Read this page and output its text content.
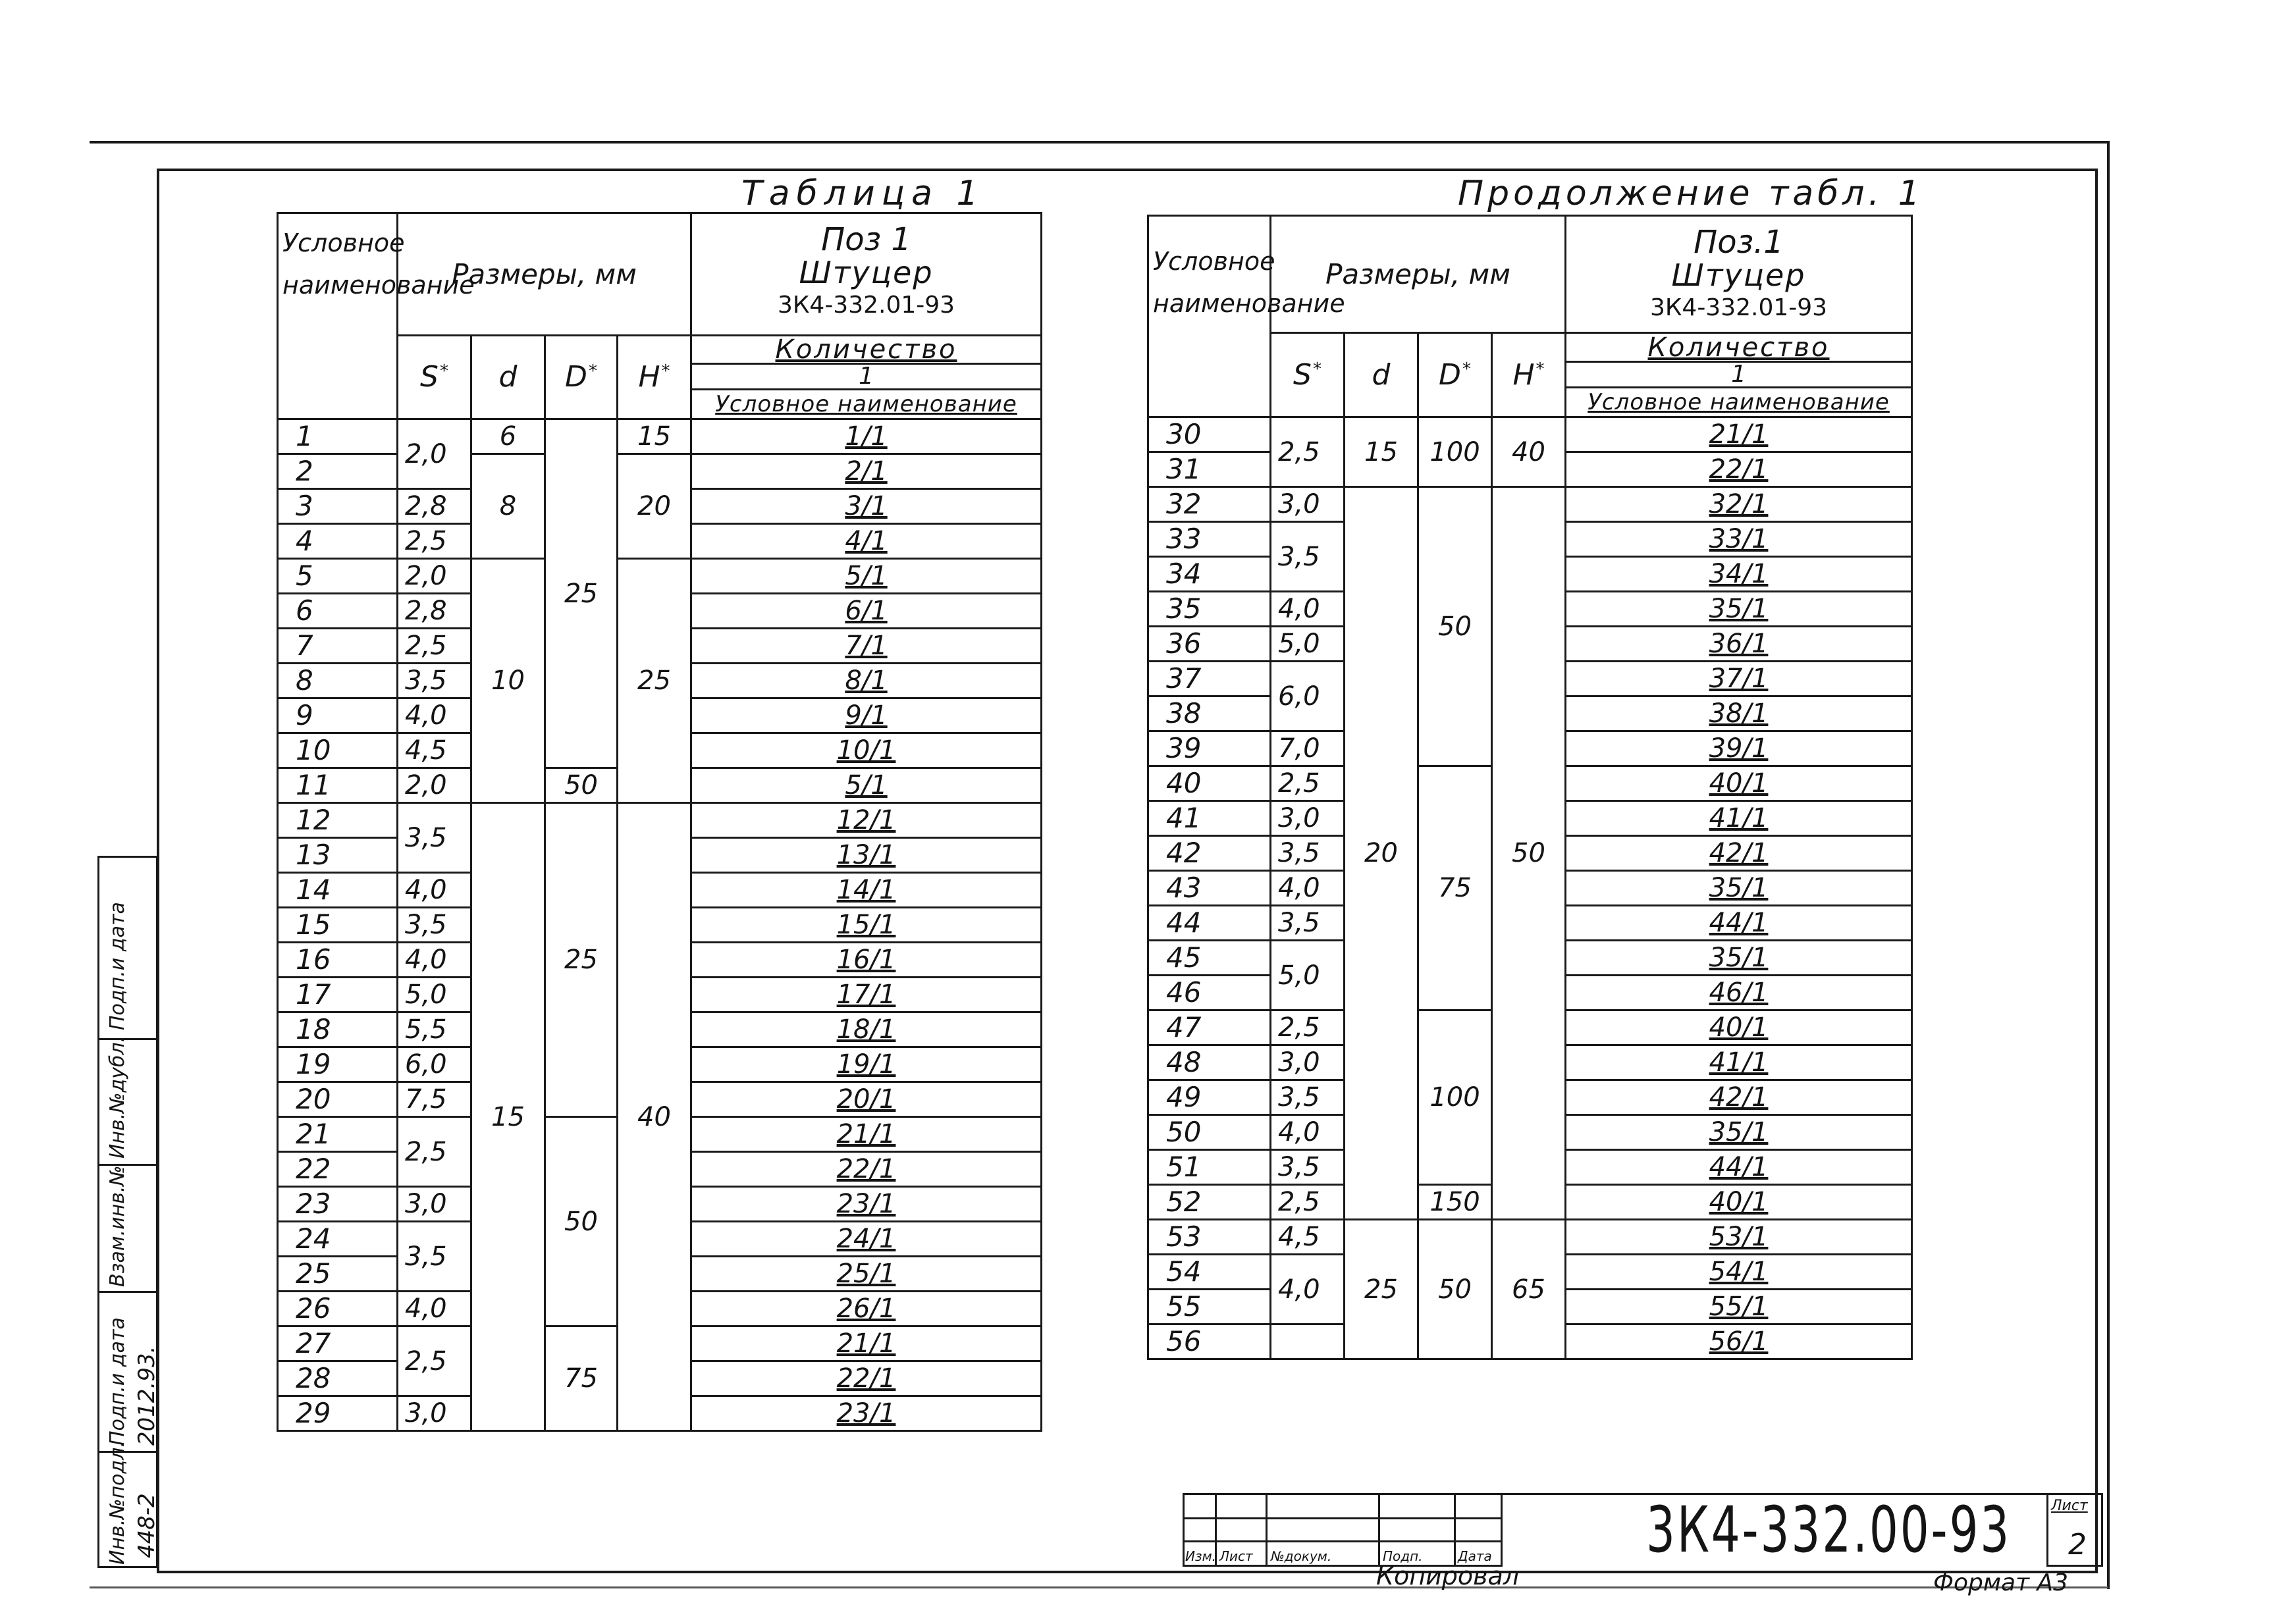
Таблица 1	Продолжение табл. 1
Условное наименование	Размеры, мм				Поз 1
Штуцер
3К4-332.01-93

	S*	d	D*	H*	Количество

					1
Условное наименование

1	2,0	6	25	15	1/1
2		8		20	2/1
3	2,8				3/1
4	2,5				4/1
5	2,0	10		25	5/1
6	2,8				6/1
7	2,5				7/1
8	3,5				8/1
9	4,0				9/1
10	4,5				10/1
11	2,0		50		5/1
12	3,5	15	25	40	12/1
13					13/1
14	4,0				14/1
15	3,5				15/1
16	4,0				16/1
17	5,0				17/1
18	5,5				18/1
19	6,0				19/1
20	7,5				20/1
21	2,5		50		21/1
22					22/1
23	3,0				23/1
24	3,5				24/1
25					25/1
26	4,0				26/1
27	2,5		75		21/1
28					22/1
29	3,0				23/1
Условное наименование	Размеры, мм				Поз.1
Штуцер
3К4-332.01-93

	S*	d	D*	H*	Количество

					1
Условное наименование

30	2,5	15	100	40	21/1
31					22/1
32	3,0	20	50	50	32/1
33	3,5				33/1
34					34/1
35	4,0				35/1
36	5,0				36/1
37	6,0				37/1
38					38/1
39	7,0				39/1
40	2,5		75		40/1
41	3,0				41/1
42	3,5				42/1
43	4,0				35/1
44	3,5				44/1
45	5,0				35/1
46					46/1
47	2,5		100		40/1
48	3,0				41/1
49	3,5				42/1
50	4,0				35/1
51	3,5				44/1
52	2,5		150		40/1
53	4,5	25	50	65	53/1
54	4,0				54/1
55					55/1
56					56/1
Подп.и дата
Инв.№дубл.
Взам.инв.№
Подп.и дата 2012.93.
Инв.№подл. 448-2	Изм. Лист №докум.	Подп.	Дата 3К4-332.00-93	Лист
2
Копировал	Формат А3
